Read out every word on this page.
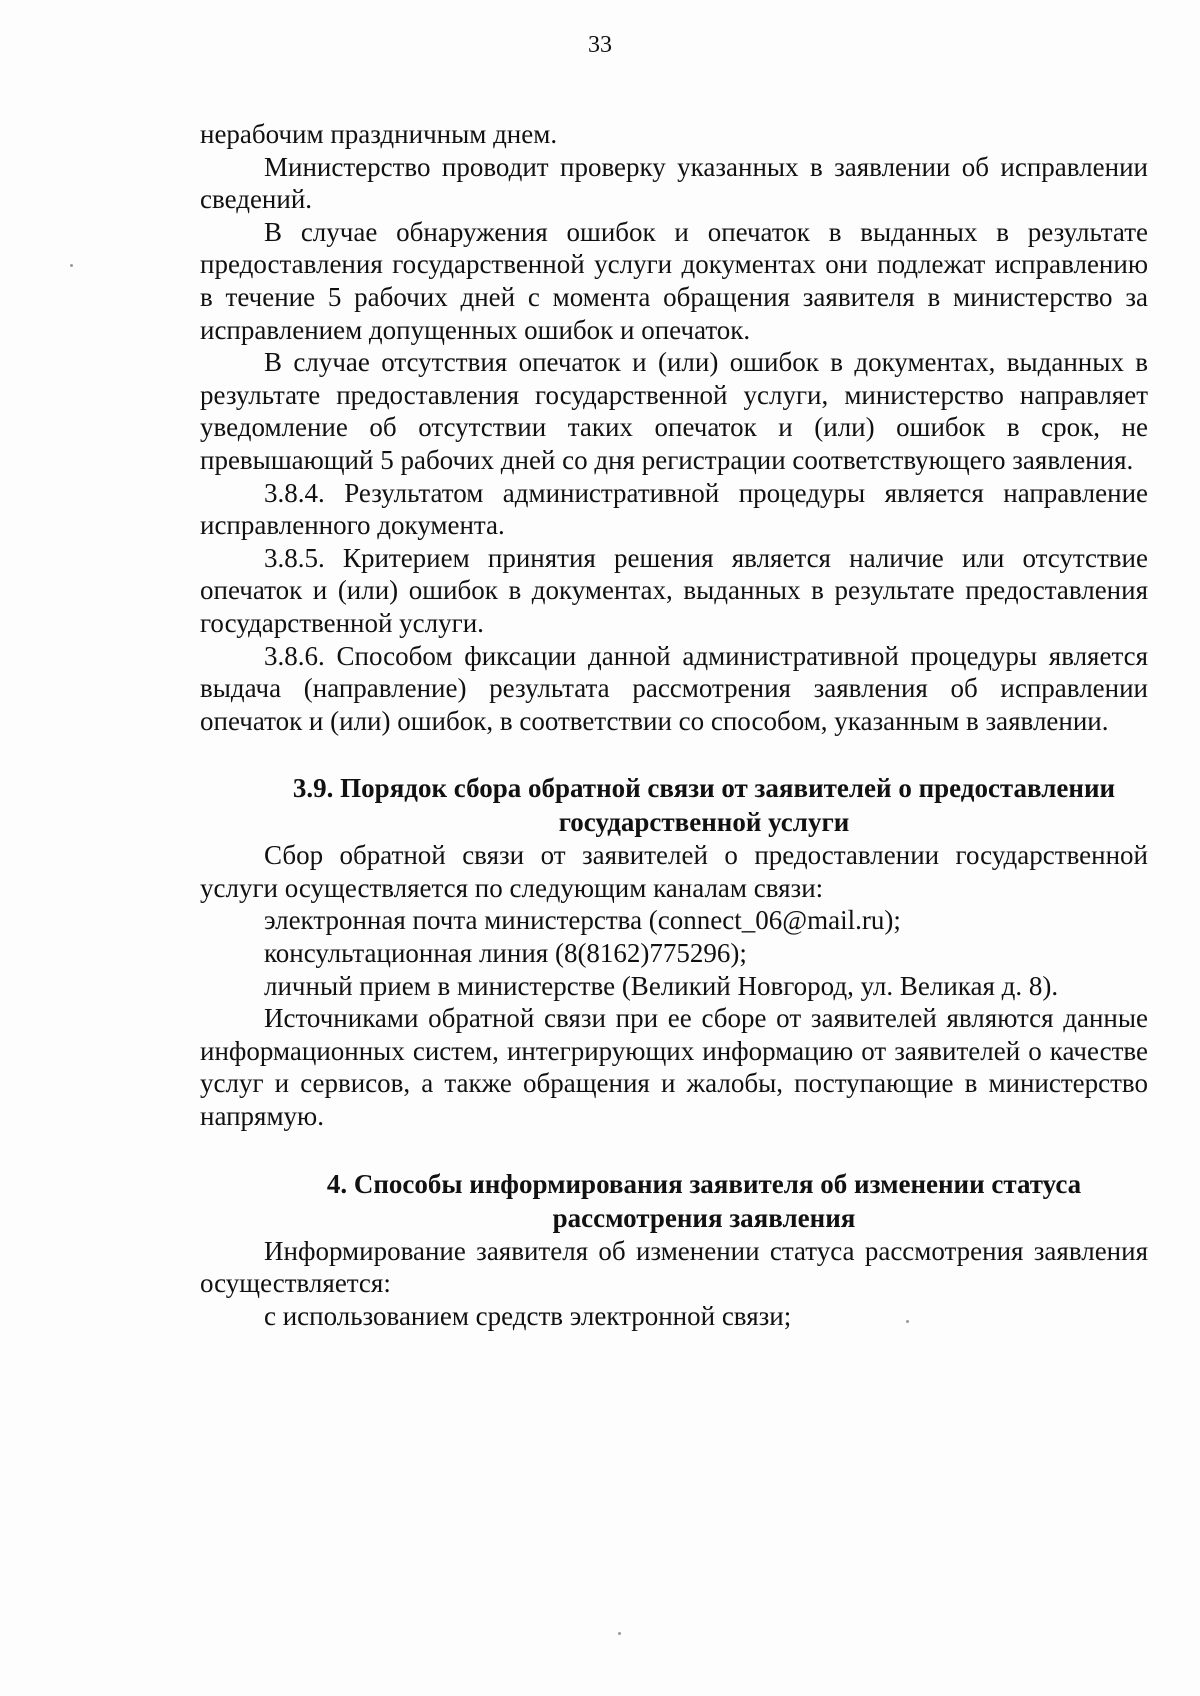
33

нерабочим праздничным днем.

Министерство проводит проверку указанных в заявлении об исправлении сведений.

В случае обнаружения ошибок и опечаток в выданных в результате предоставления государственной услуги документах они подлежат исправлению в течение 5 рабочих дней с момента обращения заявителя в министерство за исправлением допущенных ошибок и опечаток.

В случае отсутствия опечаток и (или) ошибок в документах, выданных в результате предоставления государственной услуги, министерство направляет уведомление об отсутствии таких опечаток и (или) ошибок в срок, не превышающий 5 рабочих дней со дня регистрации соответствующего заявления.

3.8.4. Результатом административной процедуры является направление исправленного документа.

3.8.5. Критерием принятия решения является наличие или отсутствие опечаток и (или) ошибок в документах, выданных в результате предоставления государственной услуги.

3.8.6. Способом фиксации данной административной процедуры является выдача (направление) результата рассмотрения заявления об исправлении опечаток и (или) ошибок, в соответствии со способом, указанным в заявлении.

3.9. Порядок сбора обратной связи от заявителей о предоставлении государственной услуги

Сбор обратной связи от заявителей о предоставлении государственной услуги осуществляется по следующим каналам связи:

электронная почта министерства (connect_06@mail.ru);

консультационная линия (8(8162)775296);

личный прием в министерстве (Великий Новгород, ул. Великая д. 8).

Источниками обратной связи при ее сборе от заявителей являются данные информационных систем, интегрирующих информацию от заявителей о качестве услуг и сервисов, а также обращения и жалобы, поступающие в министерство напрямую.

4. Способы информирования заявителя об изменении статуса рассмотрения заявления

Информирование заявителя об изменении статуса рассмотрения заявления осуществляется:

с использованием средств электронной связи;
